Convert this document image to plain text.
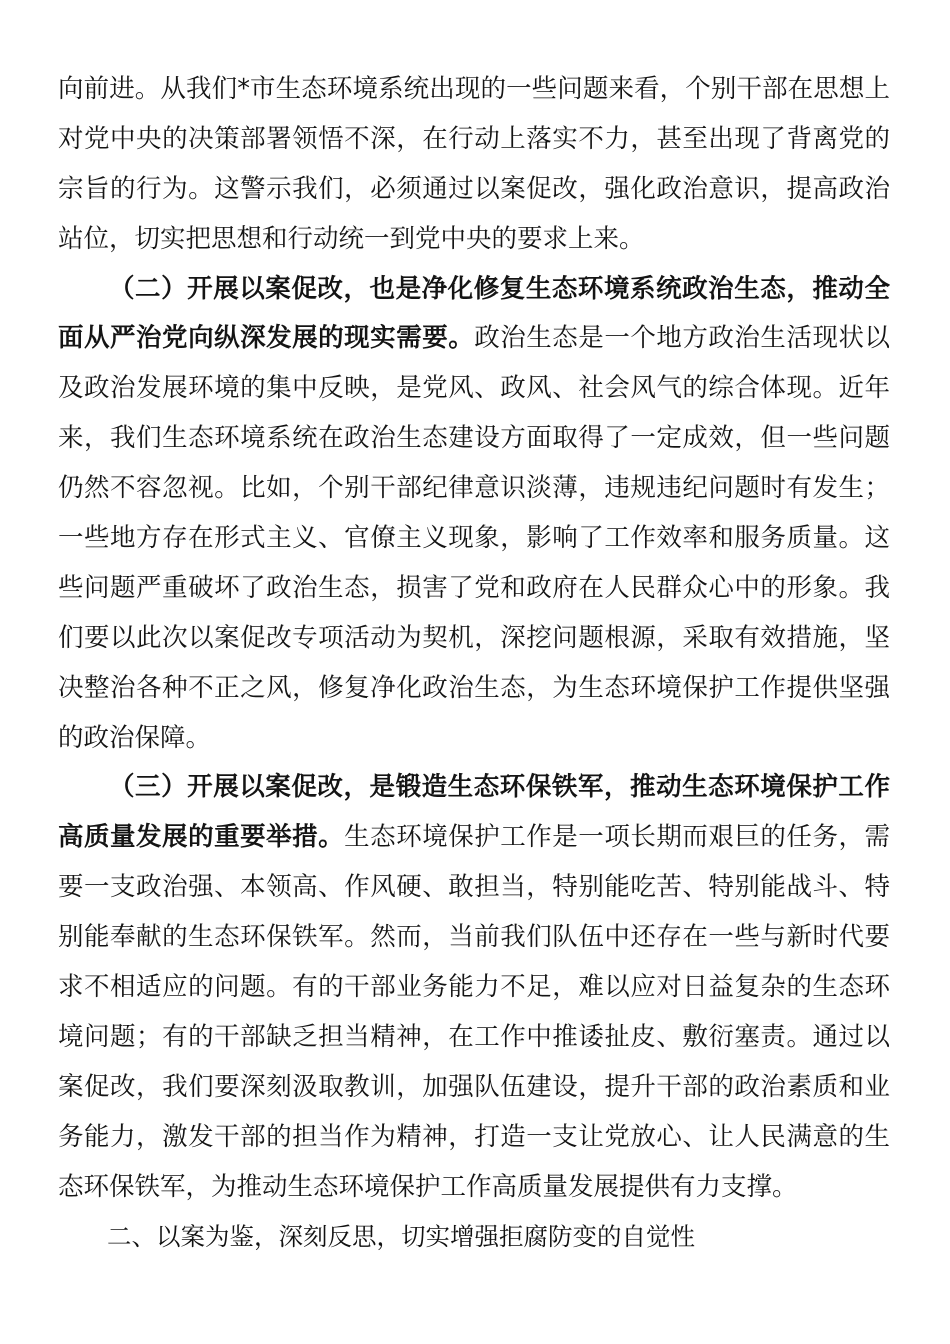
向前进。从我们*市生态环境系统出现的一些问题来看，个别干部在思想上
对党中央的决策部署领悟不深，在行动上落实不力，甚至出现了背离党的
宗旨的行为。这警示我们，必须通过以案促改，强化政治意识，提高政治
站位，切实把思想和行动统一到党中央的要求上来。
（二）开展以案促改，也是净化修复生态环境系统政治生态，推动全
面从严治党向纵深发展的现实需要。政治生态是一个地方政治生活现状以
及政治发展环境的集中反映，是党风、政风、社会风气的综合体现。近年
来，我们生态环境系统在政治生态建设方面取得了一定成效，但一些问题
仍然不容忽视。比如，个别干部纪律意识淡薄，违规违纪问题时有发生；
一些地方存在形式主义、官僚主义现象，影响了工作效率和服务质量。这
些问题严重破坏了政治生态，损害了党和政府在人民群众心中的形象。我
们要以此次以案促改专项活动为契机，深挖问题根源，采取有效措施，坚
决整治各种不正之风，修复净化政治生态，为生态环境保护工作提供坚强
的政治保障。
（三）开展以案促改，是锻造生态环保铁军，推动生态环境保护工作
高质量发展的重要举措。生态环境保护工作是一项长期而艰巨的任务，需
要一支政治强、本领高、作风硬、敢担当，特别能吃苦、特别能战斗、特
别能奉献的生态环保铁军。然而，当前我们队伍中还存在一些与新时代要
求不相适应的问题。有的干部业务能力不足，难以应对日益复杂的生态环
境问题；有的干部缺乏担当精神，在工作中推诿扯皮、敷衍塞责。通过以
案促改，我们要深刻汲取教训，加强队伍建设，提升干部的政治素质和业
务能力，激发干部的担当作为精神，打造一支让党放心、让人民满意的生
态环保铁军，为推动生态环境保护工作高质量发展提供有力支撑。
二、以案为鉴，深刻反思，切实增强拒腐防变的自觉性
